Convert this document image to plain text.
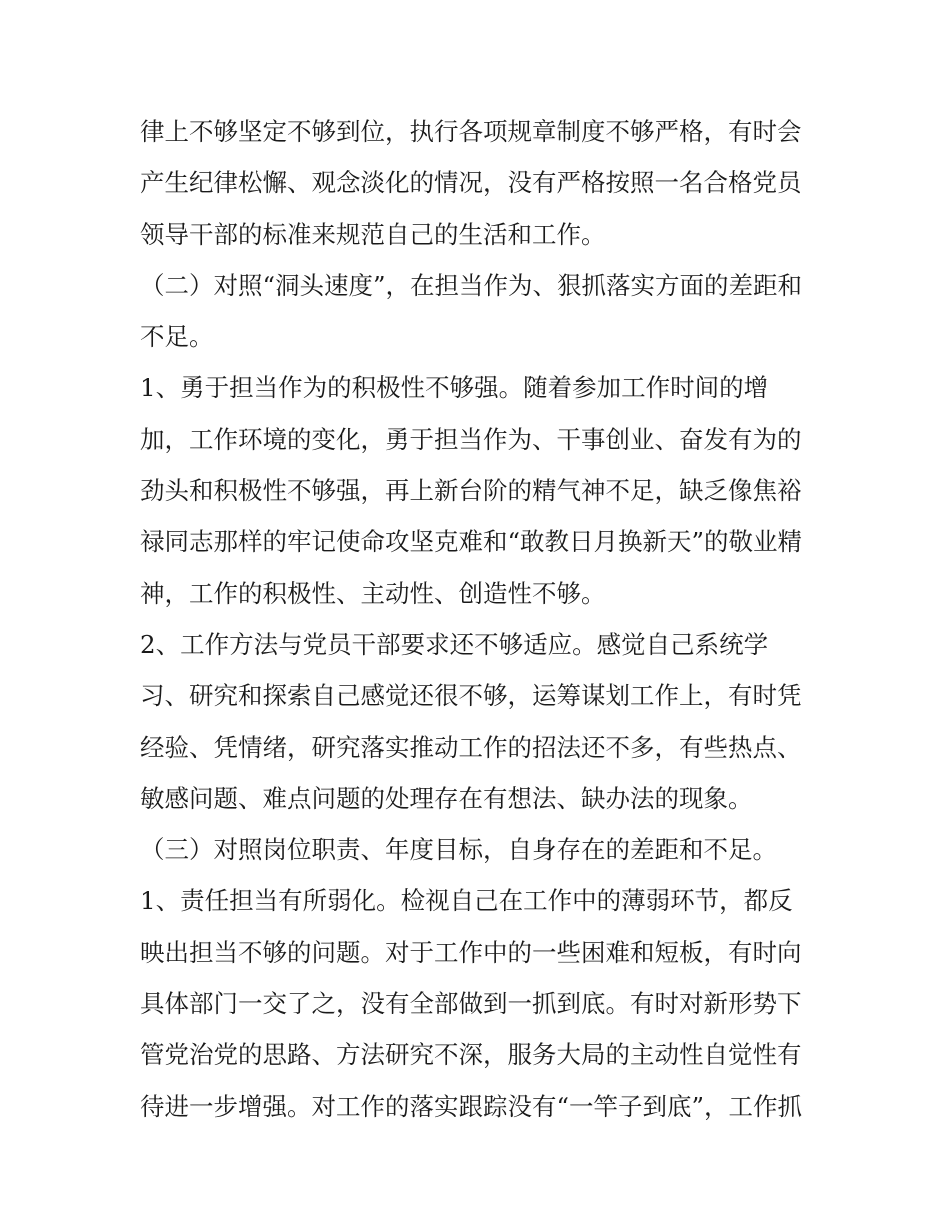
律上不够坚定不够到位，执行各项规章制度不够严格，有时会
产生纪律松懈、观念淡化的情况，没有严格按照一名合格党员
领导干部的标准来规范自己的生活和工作。
（二）对照“洞头速度”，在担当作为、狠抓落实方面的差距和
不足。
1、勇于担当作为的积极性不够强。随着参加工作时间的增
加，工作环境的变化，勇于担当作为、干事创业、奋发有为的
劲头和积极性不够强，再上新台阶的精气神不足，缺乏像焦裕
禄同志那样的牢记使命攻坚克难和“敢教日月换新天”的敬业精
神，工作的积极性、主动性、创造性不够。
2、工作方法与党员干部要求还不够适应。感觉自己系统学
习、研究和探索自己感觉还很不够，运筹谋划工作上，有时凭
经验、凭情绪，研究落实推动工作的招法还不多，有些热点、
敏感问题、难点问题的处理存在有想法、缺办法的现象。
（三）对照岗位职责、年度目标，自身存在的差距和不足。
1、责任担当有所弱化。检视自己在工作中的薄弱环节，都反
映出担当不够的问题。对于工作中的一些困难和短板，有时向
具体部门一交了之，没有全部做到一抓到底。有时对新形势下
管党治党的思路、方法研究不深，服务大局的主动性自觉性有
待进一步增强。对工作的落实跟踪没有“一竿子到底”，工作抓
